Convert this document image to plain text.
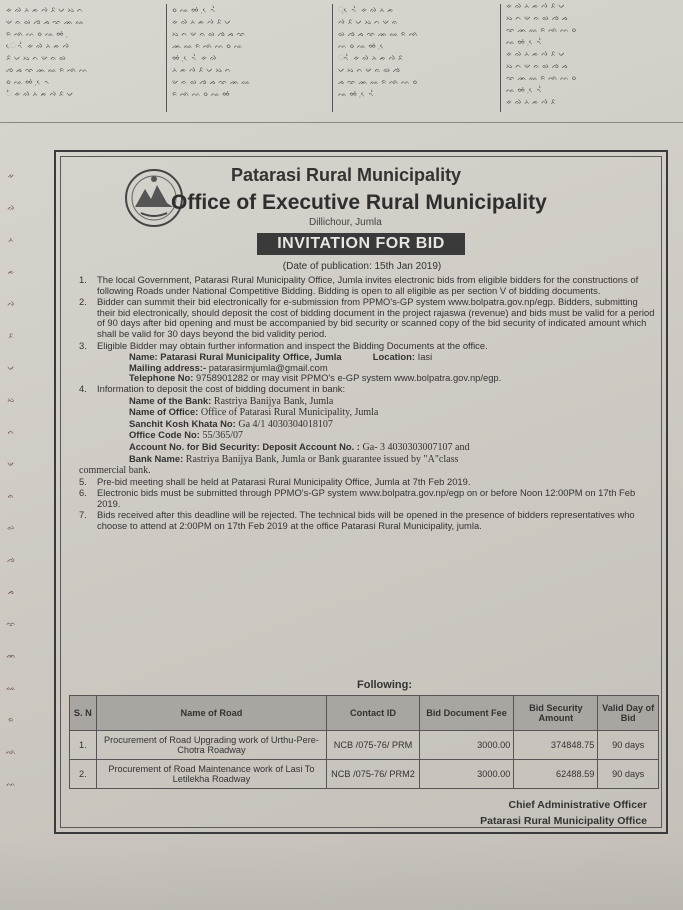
ᨀ ᨁ ᨂ ᨃ ᨄ ᨅ ᨆ ᨇ ᨈ
ᨉ ᨊ ᨋ ᨌ ᨍ ᨎ ᨏ ᨐ
ᨑ ᨒ ᨓ ᨔ ᨕ ᨖ ᨗ ᨘ
ᨙ ᨚ ᨛ ᨀ ᨁ ᨂ ᨃ ᨄ
ᨅ ᨆ ᨇ ᨈ ᨉ ᨊ ᨋ
ᨌ ᨍ ᨎ ᨏ ᨐ ᨑ ᨒ ᨓ
ᨔ ᨕ ᨖ ᨗ ᨘ ᨙ ᨚ
ᨛ ᨀ ᨁ ᨂ ᨃ ᨄ ᨅ ᨆ
ᨔ ᨕ ᨖ ᨗ ᨘ ᨙ ᨚ ᨛ
ᨀ ᨁ ᨂ ᨃ ᨄ ᨅ ᨆ
ᨇ ᨈ ᨉ ᨊ ᨋ ᨌ ᨍ ᨎ
ᨏ ᨐ ᨑ ᨒ ᨓ ᨔ ᨕ
ᨖ ᨗ ᨘ ᨙ ᨚ ᨛ ᨀ ᨁ
ᨂ ᨃ ᨄ ᨅ ᨆ ᨇ ᨈ
ᨉ ᨊ ᨋ ᨌ ᨍ ᨎ ᨏ ᨐ
ᨑ ᨒ ᨓ ᨔ ᨕ ᨖ ᨗ
ᨘ ᨙ ᨚ ᨛ ᨀ ᨁ ᨂ ᨃ
ᨄ ᨅ ᨆ ᨇ ᨈ ᨉ ᨊ
ᨋ ᨌ ᨍ ᨎ ᨏ ᨐ ᨑ ᨒ
ᨓ ᨔ ᨕ ᨖ ᨗ ᨘ ᨙ
ᨚ ᨛ ᨀ ᨁ ᨂ ᨃ ᨄ ᨅ
ᨆ ᨇ ᨈ ᨉ ᨊ ᨋ ᨌ
ᨍ ᨎ ᨏ ᨐ ᨑ ᨒ ᨓ ᨔ
ᨕ ᨖ ᨗ ᨘ ᨙ ᨚ ᨛ
ᨀ ᨁ ᨂ ᨃ ᨄ ᨅ ᨆ
ᨇ ᨈ ᨉ ᨊ ᨋ ᨌ ᨍ
ᨎ ᨏ ᨐ ᨑ ᨒ ᨓ ᨔ
ᨕ ᨖ ᨗ ᨘ ᨙ ᨚ ᨛ
ᨀ ᨁ ᨂ ᨃ ᨄ ᨅ ᨆ
ᨇ ᨈ ᨉ ᨊ ᨋ ᨌ ᨍ
ᨎ ᨏ ᨐ ᨑ ᨒ ᨓ ᨔ
ᨕ ᨖ ᨗ ᨘ ᨙ ᨚ ᨛ
ᨀ ᨁ ᨂ ᨃ ᨄ ᨅ
ᨀ
ᨁ
ᨂ
ᨃ
ᨄ
ᨅ
ᨆ
ᨇ
ᨈ
ᨉ
ᨊ
ᨋ
ᨌ
ᨍ
ᨎ
ᨏ
ᨐ
ᨑ
ᨒ
ᨓ
Patarasi Rural Municipality
Office of Executive Rural Municipality
Dillichour, Jumla
INVITATION FOR BID
(Date of publication: 15th Jan 2019)
1. The local Government, Patarasi Rural Municipality Office, Jumla invites electronic bids from eligible bidders for the constructions of following Roads under National Competitive Bidding. Bidding is open to all eligible as per section V of bidding documents.
2. Bidder can summit their bid electronically for e-submission from PPMO's-GP system www.bolpatra.gov.np/egp. Bidders, submitting their bid electronically, should deposit the cost of bidding document in the project rajaswa (revenue) and bids must be valid for a period of 90 days after bid opening and must be accompanied by bid security or scanned copy of the bid security of indicated amount which shall be valid for 30 days beyond the bid validity period.
3. Eligible Bidder may obtain further information and inspect the Bidding Documents at the office.
Name: Patarasi Rural Municipality Office, Jumla	Location: Iasi
Mailing address:- patarasirmjumla@gmail.com
Telephone No: 9758901282 or may visit PPMO's e-GP system www.bolpatra.gov.np/egp.
4. Information to deposit the cost of bidding document in bank:
Name of the Bank: Rastriya Banijya Bank, Jumla
Name of Office: Office of Patarasi Rural Municipality, Jumla
Sanchit Kosh Khata No: Ga 4/1 4030304018107
Office Code No: 55/365/07
Account No. for Bid Security: Deposit Account No. : Ga- 3 4030303007107 and
Bank Name: Rastriya Banijya Bank, Jumla or Bank guarantee issued by "A"class
commercial bank.
5. Pre-bid meeting shall be held at Patarasi Rural Municipality Office, Jumla at 7th Feb 2019.
6. Electronic bids must be submitted through PPMO's-GP system www.bolpatra.gov.np/egp on or before Noon 12:00PM on 17th Feb 2019.
7. Bids received after this deadline will be rejected. The technical bids will be opened in the presence of bidders representatives who choose to attend at 2:00PM on 17th Feb 2019 at the office Patarasi Rural Municipality, jumla.
Following:
S. N	Name of Road	Contact ID	Bid Document Fee	Bid Security Amount	Valid Day of Bid
1.	Procurement of Road Upgrading work of Urthu-Pere-Chotra Roadway	NCB /075-76/ PRM	3000.00	374848.75	90 days
2.	Procurement of Road Maintenance work of Lasi To Letilekha Roadway	NCB /075-76/ PRM2	3000.00	62488.59	90 days
Chief Administrative Officer
Patarasi Rural Municipality Office
